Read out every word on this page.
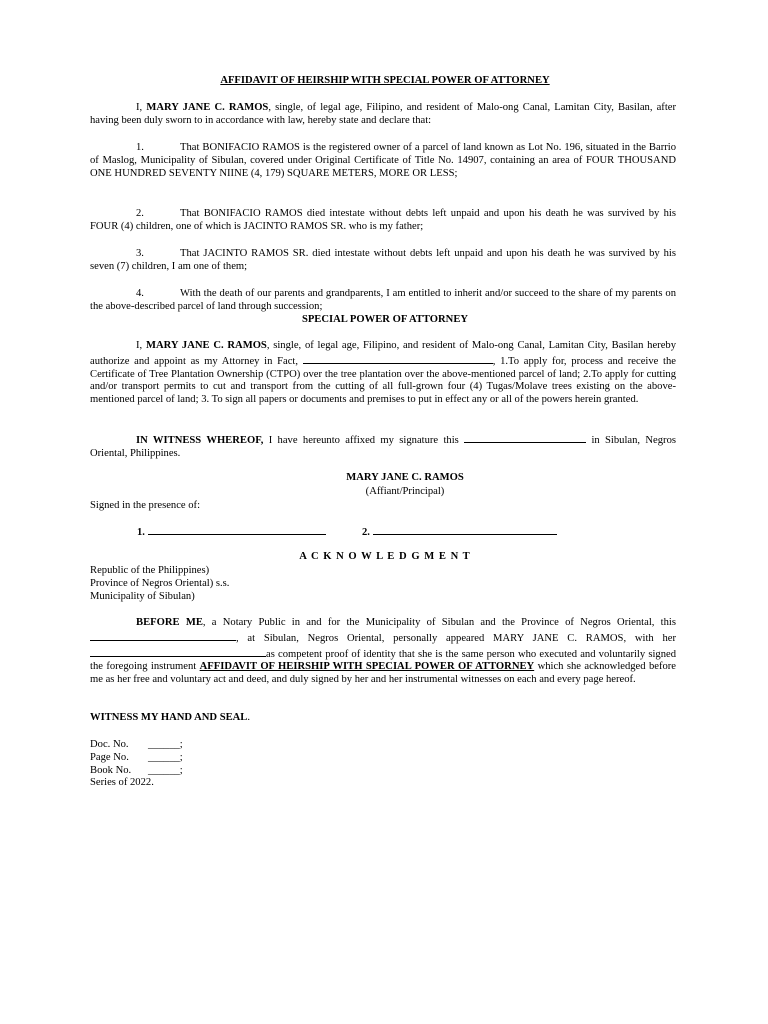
AFFIDAVIT OF HEIRSHIP WITH SPECIAL POWER OF ATTORNEY
I, MARY JANE C. RAMOS, single, of legal age, Filipino, and resident of Malo-ong Canal, Lamitan City, Basilan, after having been duly sworn to in accordance with law, hereby state and declare that:
1.	That BONIFACIO RAMOS is the registered owner of a parcel of land known as Lot No. 196, situated in the Barrio of Maslog, Municipality of Sibulan, covered under Original Certificate of Title No. 14907, containing an area of FOUR THOUSAND ONE HUNDRED SEVENTY NIINE (4, 179) SQUARE METERS, MORE OR LESS;
2.	That BONIFACIO RAMOS died intestate without debts left unpaid and upon his death he was survived by his FOUR (4) children, one of which is JACINTO RAMOS SR. who is my father;
3.	That JACINTO RAMOS SR. died intestate without debts left unpaid and upon his death he was survived by his seven (7) children, I am one of them;
4.	With the death of our parents and grandparents, I am entitled to inherit and/or succeed to the share of my parents on the above-described parcel of land through succession;
SPECIAL POWER OF ATTORNEY
I, MARY JANE C. RAMOS, single, of legal age, Filipino, and resident of Malo-ong Canal, Lamitan City, Basilan hereby authorize and appoint as my Attorney in Fact,	, 1.To apply for, process and receive the Certificate of Tree Plantation Ownership (CTPO) over the tree plantation over the above-mentioned parcel of land; 2.To apply for cutting and/or transport permits to cut and transport from the cutting of all full-grown four (4) Tugas/Molave trees existing on the above-mentioned parcel of land; 3. To sign all papers or documents and premises to put in effect any or all of the powers herein granted.
IN WITNESS WHEREOF, I have hereunto affixed my signature this	in Sibulan, Negros Oriental, Philippines.
MARY JANE C. RAMOS
(Affiant/Principal)
Signed in the presence of:
1.	2.
A C K N O W L E D G M E N T
Republic of the Philippines)
Province of Negros Oriental) s.s.
Municipality of Sibulan)
BEFORE ME, a Notary Public in and for the Municipality of Sibulan and the Province of Negros Oriental, this , at Sibulan, Negros Oriental, personally appeared MARY JANE C. RAMOS, with her as competent proof of identity that she is the same person who executed and voluntarily signed the foregoing instrument AFFIDAVIT OF HEIRSHIP WITH SPECIAL POWER OF ATTORNEY which she acknowledged before me as her free and voluntary act and deed, and duly signed by her and her instrumental witnesses on each and every page hereof.
WITNESS MY HAND AND SEAL.
Doc. No. ______;
Page No. ______;
Book No. ______;
Series of 2022.
